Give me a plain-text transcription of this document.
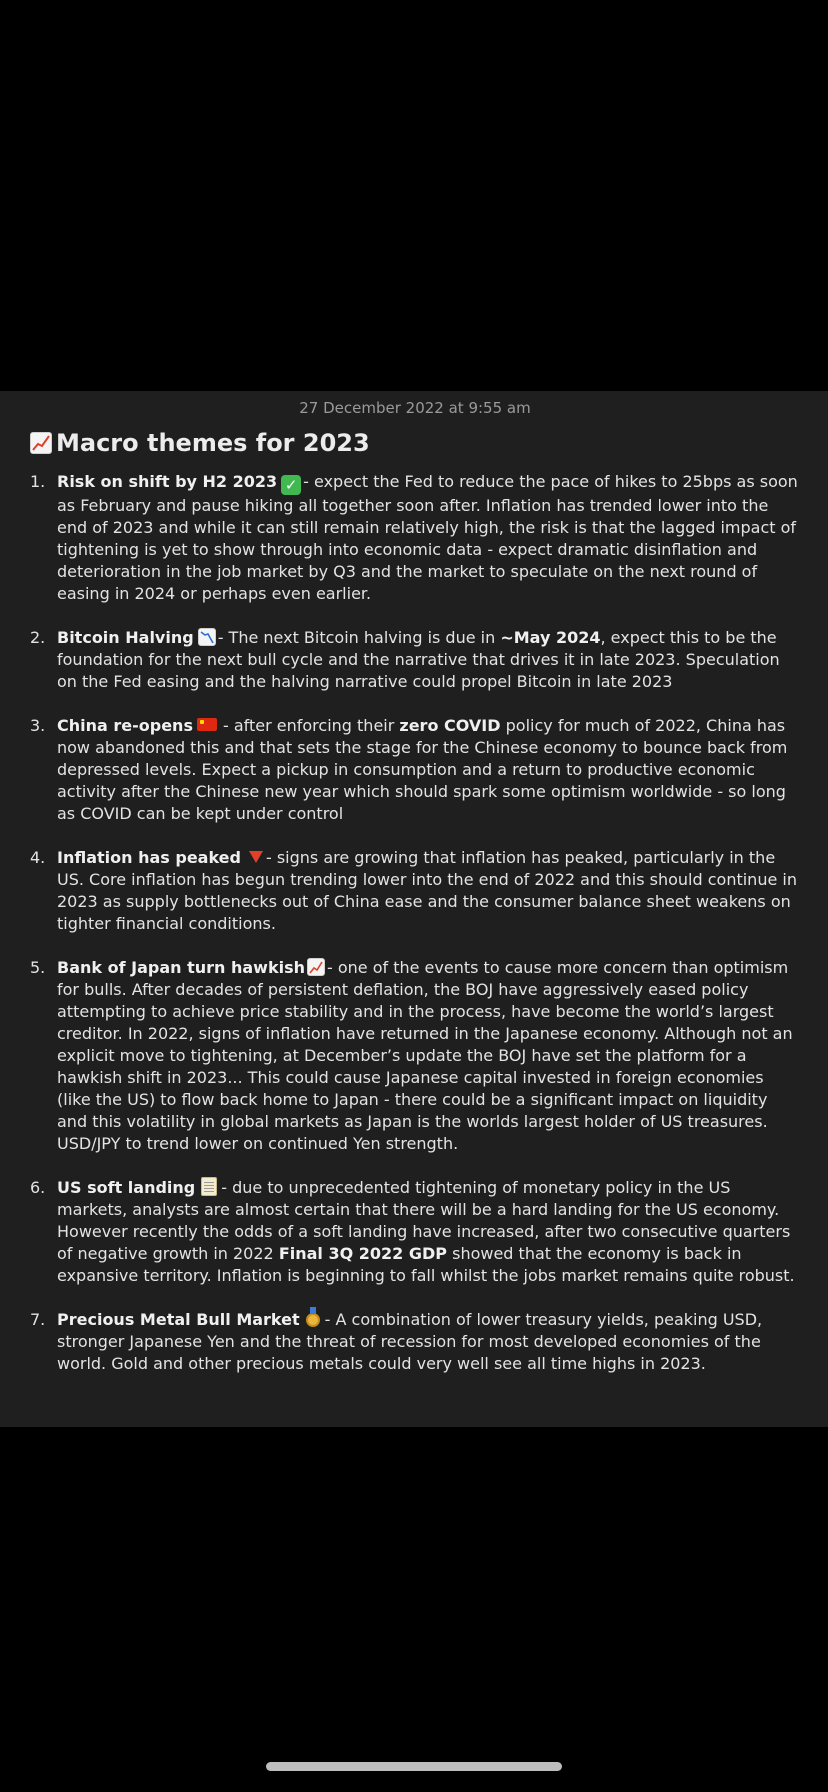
27 December 2022 at 9:55 am
Macro themes for 2023
1. Risk on shift by H2 2023 ✓ - expect the Fed to reduce the pace of hikes to 25bps as soon as February and pause hiking all together soon after. Inflation has trended lower into the end of 2023 and while it can still remain relatively high, the risk is that the lagged impact of tightening is yet to show through into economic data - expect dramatic disinflation and deterioration in the job market by Q3 and the market to speculate on the next round of easing in 2024 or perhaps even earlier.
2. Bitcoin Halving - The next Bitcoin halving is due in ~May 2024, expect this to be the foundation for the next bull cycle and the narrative that drives it in late 2023. Speculation on the Fed easing and the halving narrative could propel Bitcoin in late 2023
3. China re-opens - after enforcing their zero COVID policy for much of 2022, China has now abandoned this and that sets the stage for the Chinese economy to bounce back from depressed levels. Expect a pickup in consumption and a return to productive economic activity after the Chinese new year which should spark some optimism worldwide - so long as COVID can be kept under control
4. Inflation has peaked - signs are growing that inflation has peaked, particularly in the US. Core inflation has begun trending lower into the end of 2022 and this should continue in 2023 as supply bottlenecks out of China ease and the consumer balance sheet weakens on tighter financial conditions.
5. Bank of Japan turn hawkish - one of the events to cause more concern than optimism for bulls. After decades of persistent deflation, the BOJ have aggressively eased policy attempting to achieve price stability and in the process, have become the world’s largest creditor. In 2022, signs of inflation have returned in the Japanese economy. Although not an explicit move to tightening, at December’s update the BOJ have set the platform for a hawkish shift in 2023... This could cause Japanese capital invested in foreign economies (like the US) to flow back home to Japan - there could be a significant impact on liquidity and this volatility in global markets as Japan is the worlds largest holder of US treasures. USD/JPY to trend lower on continued Yen strength.
6. US soft landing - due to unprecedented tightening of monetary policy in the US markets, analysts are almost certain that there will be a hard landing for the US economy. However recently the odds of a soft landing have increased, after two consecutive quarters of negative growth in 2022 Final 3Q 2022 GDP showed that the economy is back in expansive territory. Inflation is beginning to fall whilst the jobs market remains quite robust.
7. Precious Metal Bull Market - A combination of lower treasury yields, peaking USD, stronger Japanese Yen and the threat of recession for most developed economies of the world. Gold and other precious metals could very well see all time highs in 2023.
